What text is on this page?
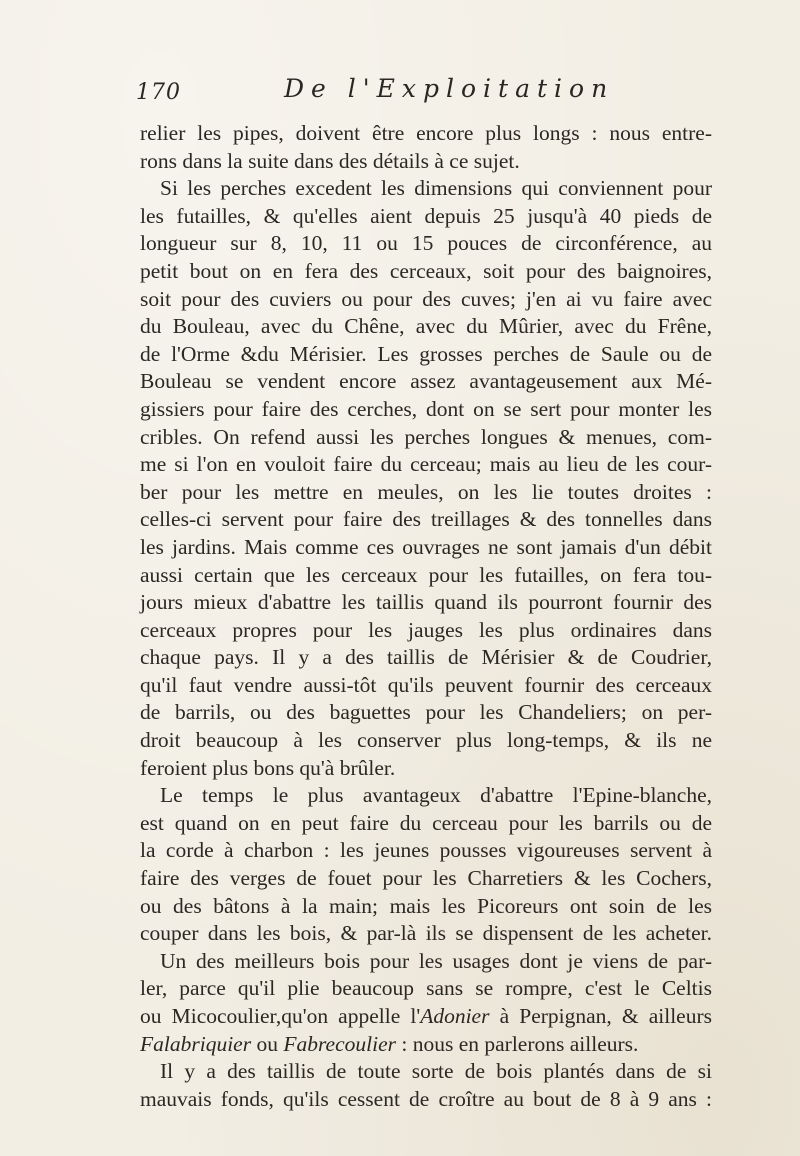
170	De l'Exploitation
relier les pipes, doivent être encore plus longs : nous entre-
rons dans la suite dans des détails à ce sujet.
Si les perches excedent les dimensions qui conviennent pour
les futailles, & qu'elles aient depuis 25 jusqu'à 40 pieds de
longueur sur 8, 10, 11 ou 15 pouces de circonférence, au
petit bout on en fera des cerceaux, soit pour des baignoires,
soit pour des cuviers ou pour des cuves; j'en ai vu faire avec
du Bouleau, avec du Chêne, avec du Mûrier, avec du Frêne,
de l'Orme &du Mérisier. Les grosses perches de Saule ou de
Bouleau se vendent encore assez avantageusement aux Mé-
gissiers pour faire des cerches, dont on se sert pour monter les
cribles. On refend aussi les perches longues & menues, com-
me si l'on en vouloit faire du cerceau; mais au lieu de les cour-
ber pour les mettre en meules, on les lie toutes droites :
celles-ci servent pour faire des treillages & des tonnelles dans
les jardins. Mais comme ces ouvrages ne sont jamais d'un débit
aussi certain que les cerceaux pour les futailles, on fera tou-
jours mieux d'abattre les taillis quand ils pourront fournir des
cerceaux propres pour les jauges les plus ordinaires dans
chaque pays. Il y a des taillis de Mérisier & de Coudrier,
qu'il faut vendre aussi-tôt qu'ils peuvent fournir des cerceaux
de barrils, ou des baguettes pour les Chandeliers; on per-
droit beaucoup à les conserver plus long-temps, & ils ne
feroient plus bons qu'à brûler.
Le temps le plus avantageux d'abattre l'Epine-blanche,
est quand on en peut faire du cerceau pour les barrils ou de
la corde à charbon : les jeunes pousses vigoureuses servent à
faire des verges de fouet pour les Charretiers & les Cochers,
ou des bâtons à la main; mais les Picoreurs ont soin de les
couper dans les bois, & par-là ils se dispensent de les acheter.
Un des meilleurs bois pour les usages dont je viens de par-
ler, parce qu'il plie beaucoup sans se rompre, c'est le Celtis
ou Micocoulier,qu'on appelle l'Adonier à Perpignan, & ailleurs
Falabriquier ou Fabrecoulier : nous en parlerons ailleurs.
Il y a des taillis de toute sorte de bois plantés dans de si
mauvais fonds, qu'ils cessent de croître au bout de 8 à 9 ans :
